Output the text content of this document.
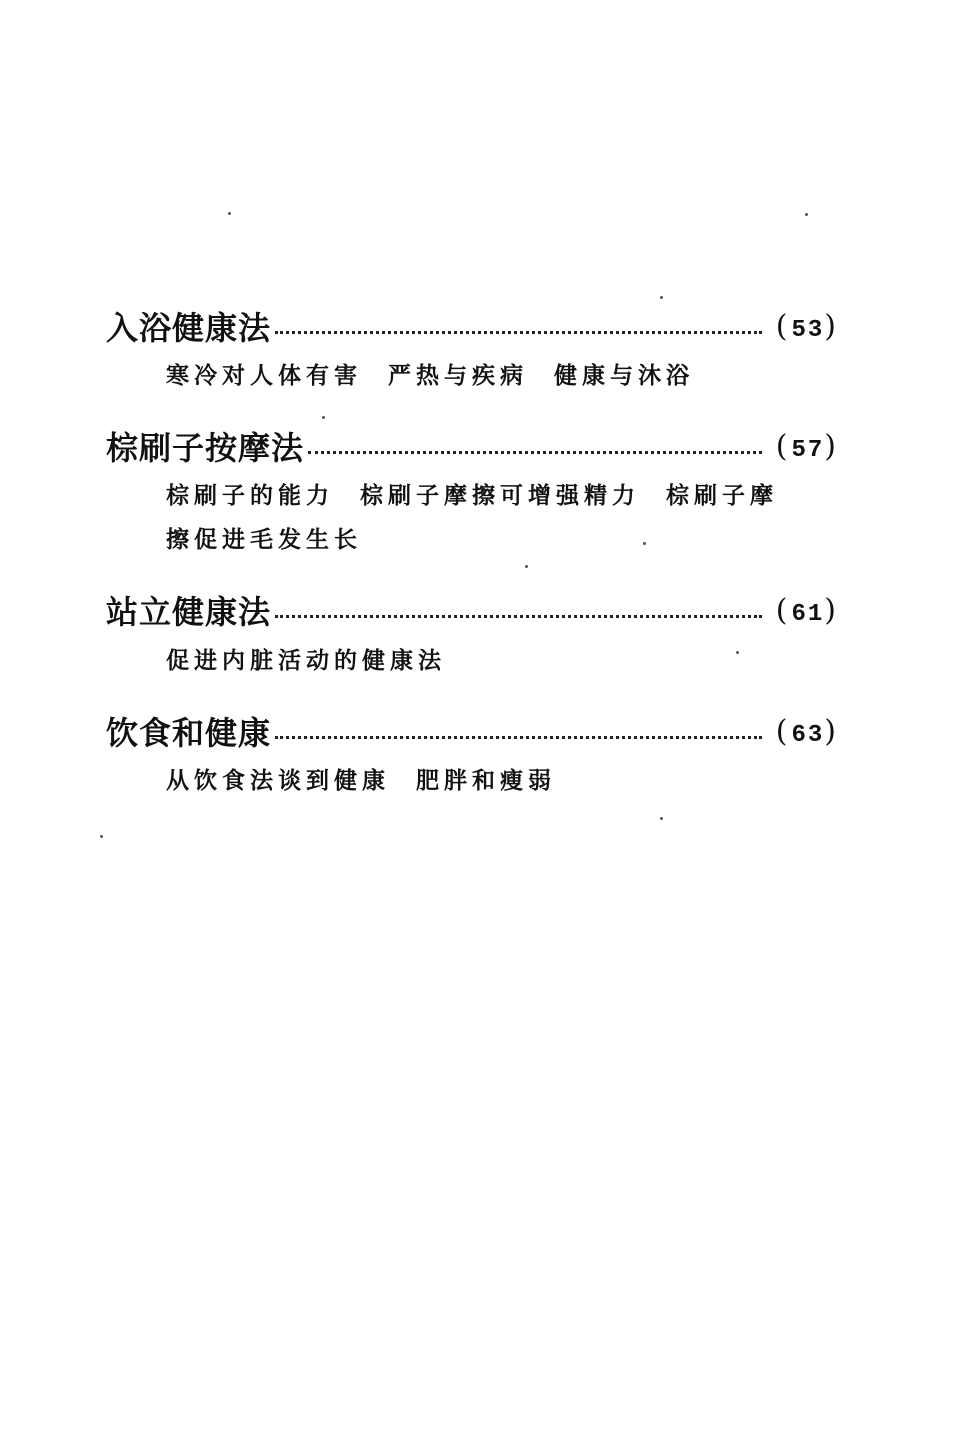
入浴健康法	(53)
寒冷对人体有害 严热与疾病 健康与沐浴
棕刷子按摩法	(57)
棕刷子的能力 棕刷子摩擦可增强精力 棕刷子摩
擦促进毛发生长
站立健康法	(61)
促进内脏活动的健康法
饮食和健康	(63)
从饮食法谈到健康 肥胖和瘦弱
